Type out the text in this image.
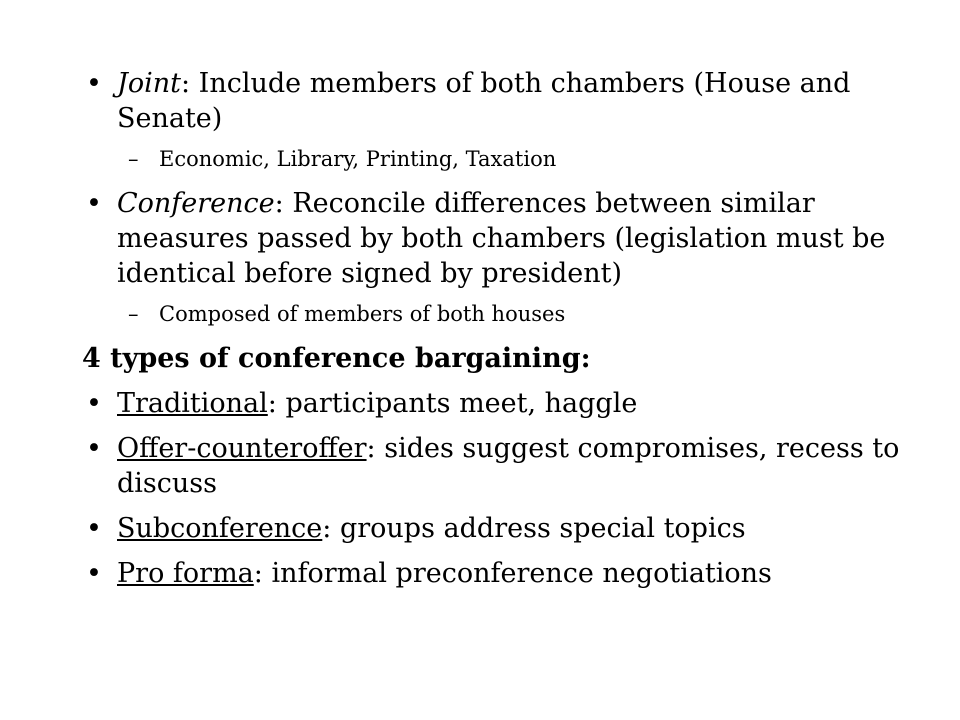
• Joint: Include members of both chambers (House and Senate)
– Economic, Library, Printing, Taxation
• Conference: Reconcile differences between similar measures passed by both chambers (legislation must be identical before signed by president)
– Composed of members of both houses
4 types of conference bargaining:
• Traditional: participants meet, haggle
• Offer-counteroffer: sides suggest compromises, recess to discuss
• Subconference: groups address special topics
• Pro forma: informal preconference negotiations
